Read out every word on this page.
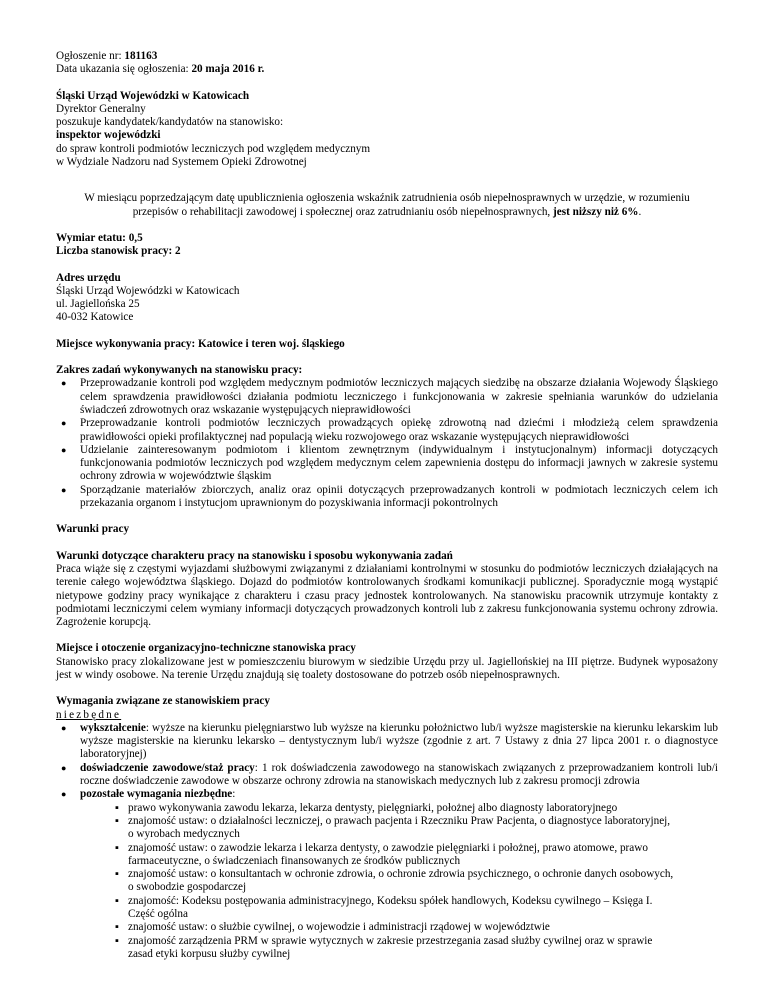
Ogłoszenie nr: 181163

Data ukazania się ogłoszenia: 20 maja 2016 r.

Śląski Urząd Wojewódzki w Katowicach

Dyrektor Generalny

poszukuje kandydatek/kandydatów na stanowisko:

inspektor wojewódzki

do spraw kontroli podmiotów leczniczych pod względem medycznym

w Wydziale Nadzoru nad Systemem Opieki Zdrowotnej

W miesiącu poprzedzającym datę upublicznienia ogłoszenia wskaźnik zatrudnienia osób niepełnosprawnych w urzędzie, w rozumieniu przepisów o rehabilitacji zawodowej i społecznej oraz zatrudnianiu osób niepełnosprawnych, jest niższy niż 6%.

Wymiar etatu: 0,5

Liczba stanowisk pracy: 2

Adres urzędu

Śląski Urząd Wojewódzki w Katowicach

ul. Jagiellońska 25

40-032 Katowice

Miejsce wykonywania pracy: Katowice i teren woj. śląskiego

Zakres zadań wykonywanych na stanowisku pracy:

● Przeprowadzanie kontroli pod względem medycznym podmiotów leczniczych mających siedzibę na obszarze działania Wojewody Śląskiego celem sprawdzenia prawidłowości działania podmiotu leczniczego i funkcjonowania w zakresie spełniania warunków do udzielania świadczeń zdrowotnych oraz wskazanie występujących nieprawidłowości
● Przeprowadzanie kontroli podmiotów leczniczych prowadzących opiekę zdrowotną nad dziećmi i młodzieżą celem sprawdzenia prawidłowości opieki profilaktycznej nad populacją wieku rozwojowego oraz wskazanie występujących nieprawidłowości
● Udzielanie zainteresowanym podmiotom i klientom zewnętrznym (indywidualnym i instytucjonalnym) informacji dotyczących funkcjonowania podmiotów leczniczych pod względem medycznym celem zapewnienia dostępu do informacji jawnych w zakresie systemu ochrony zdrowia w województwie śląskim
● Sporządzanie materiałów zbiorczych, analiz oraz opinii dotyczących przeprowadzanych kontroli w podmiotach leczniczych celem ich przekazania organom i instytucjom uprawnionym do pozyskiwania informacji pokontrolnych

Warunki pracy

Warunki dotyczące charakteru pracy na stanowisku i sposobu wykonywania zadań

Praca wiąże się z częstymi wyjazdami służbowymi związanymi z działaniami kontrolnymi w stosunku do podmiotów leczniczych działających na terenie całego województwa śląskiego. Dojazd do podmiotów kontrolowanych środkami komunikacji publicznej. Sporadycznie mogą wystąpić nietypowe godziny pracy wynikające z charakteru i czasu pracy jednostek kontrolowanych. Na stanowisku pracownik utrzymuje kontakty z podmiotami leczniczymi celem wymiany informacji dotyczących prowadzonych kontroli lub z zakresu funkcjonowania systemu ochrony zdrowia. Zagrożenie korupcją.

Miejsce i otoczenie organizacyjno-techniczne stanowiska pracy

Stanowisko pracy zlokalizowane jest w pomieszczeniu biurowym w siedzibie Urzędu przy ul. Jagiellońskiej na III piętrze. Budynek wyposażony jest w windy osobowe. Na terenie Urzędu znajdują się toalety dostosowane do potrzeb osób niepełnosprawnych.

Wymagania związane ze stanowiskiem pracy

niezbędne

● wykształcenie: wyższe na kierunku pielęgniarstwo lub wyższe na kierunku położnictwo lub/i wyższe magisterskie na kierunku lekarskim lub wyższe magisterskie na kierunku lekarsko – dentystycznym lub/i wyższe (zgodnie z art. 7 Ustawy z dnia 27 lipca 2001 r. o diagnostyce laboratoryjnej)
● doświadczenie zawodowe/staż pracy: 1 rok doświadczenia zawodowego na stanowiskach związanych z przeprowadzaniem kontroli lub/i roczne doświadczenie zawodowe w obszarze ochrony zdrowia na stanowiskach medycznych lub z zakresu promocji zdrowia
● pozostałe wymagania niezbędne:
▪ prawo wykonywania zawodu lekarza, lekarza dentysty, pielęgniarki, położnej albo diagnosty laboratoryjnego
▪ znajomość ustaw: o działalności leczniczej, o prawach pacjenta i Rzeczniku Praw Pacjenta, o diagnostyce laboratoryjnej, o wyrobach medycznych
▪ znajomość ustaw: o zawodzie lekarza i lekarza dentysty, o zawodzie pielęgniarki i położnej, prawo atomowe, prawo farmaceutyczne, o świadczeniach finansowanych ze środków publicznych
▪ znajomość ustaw: o konsultantach w ochronie zdrowia, o ochronie zdrowia psychicznego, o ochronie danych osobowych, o swobodzie gospodarczej
▪ znajomość: Kodeksu postępowania administracyjnego, Kodeksu spółek handlowych, Kodeksu cywilnego – Księga I. Część ogólna
▪ znajomość ustaw: o służbie cywilnej, o wojewodzie i administracji rządowej w województwie
▪ znajomość zarządzenia PRM w sprawie wytycznych w zakresie przestrzegania zasad służby cywilnej oraz w sprawie zasad etyki korpusu służby cywilnej
